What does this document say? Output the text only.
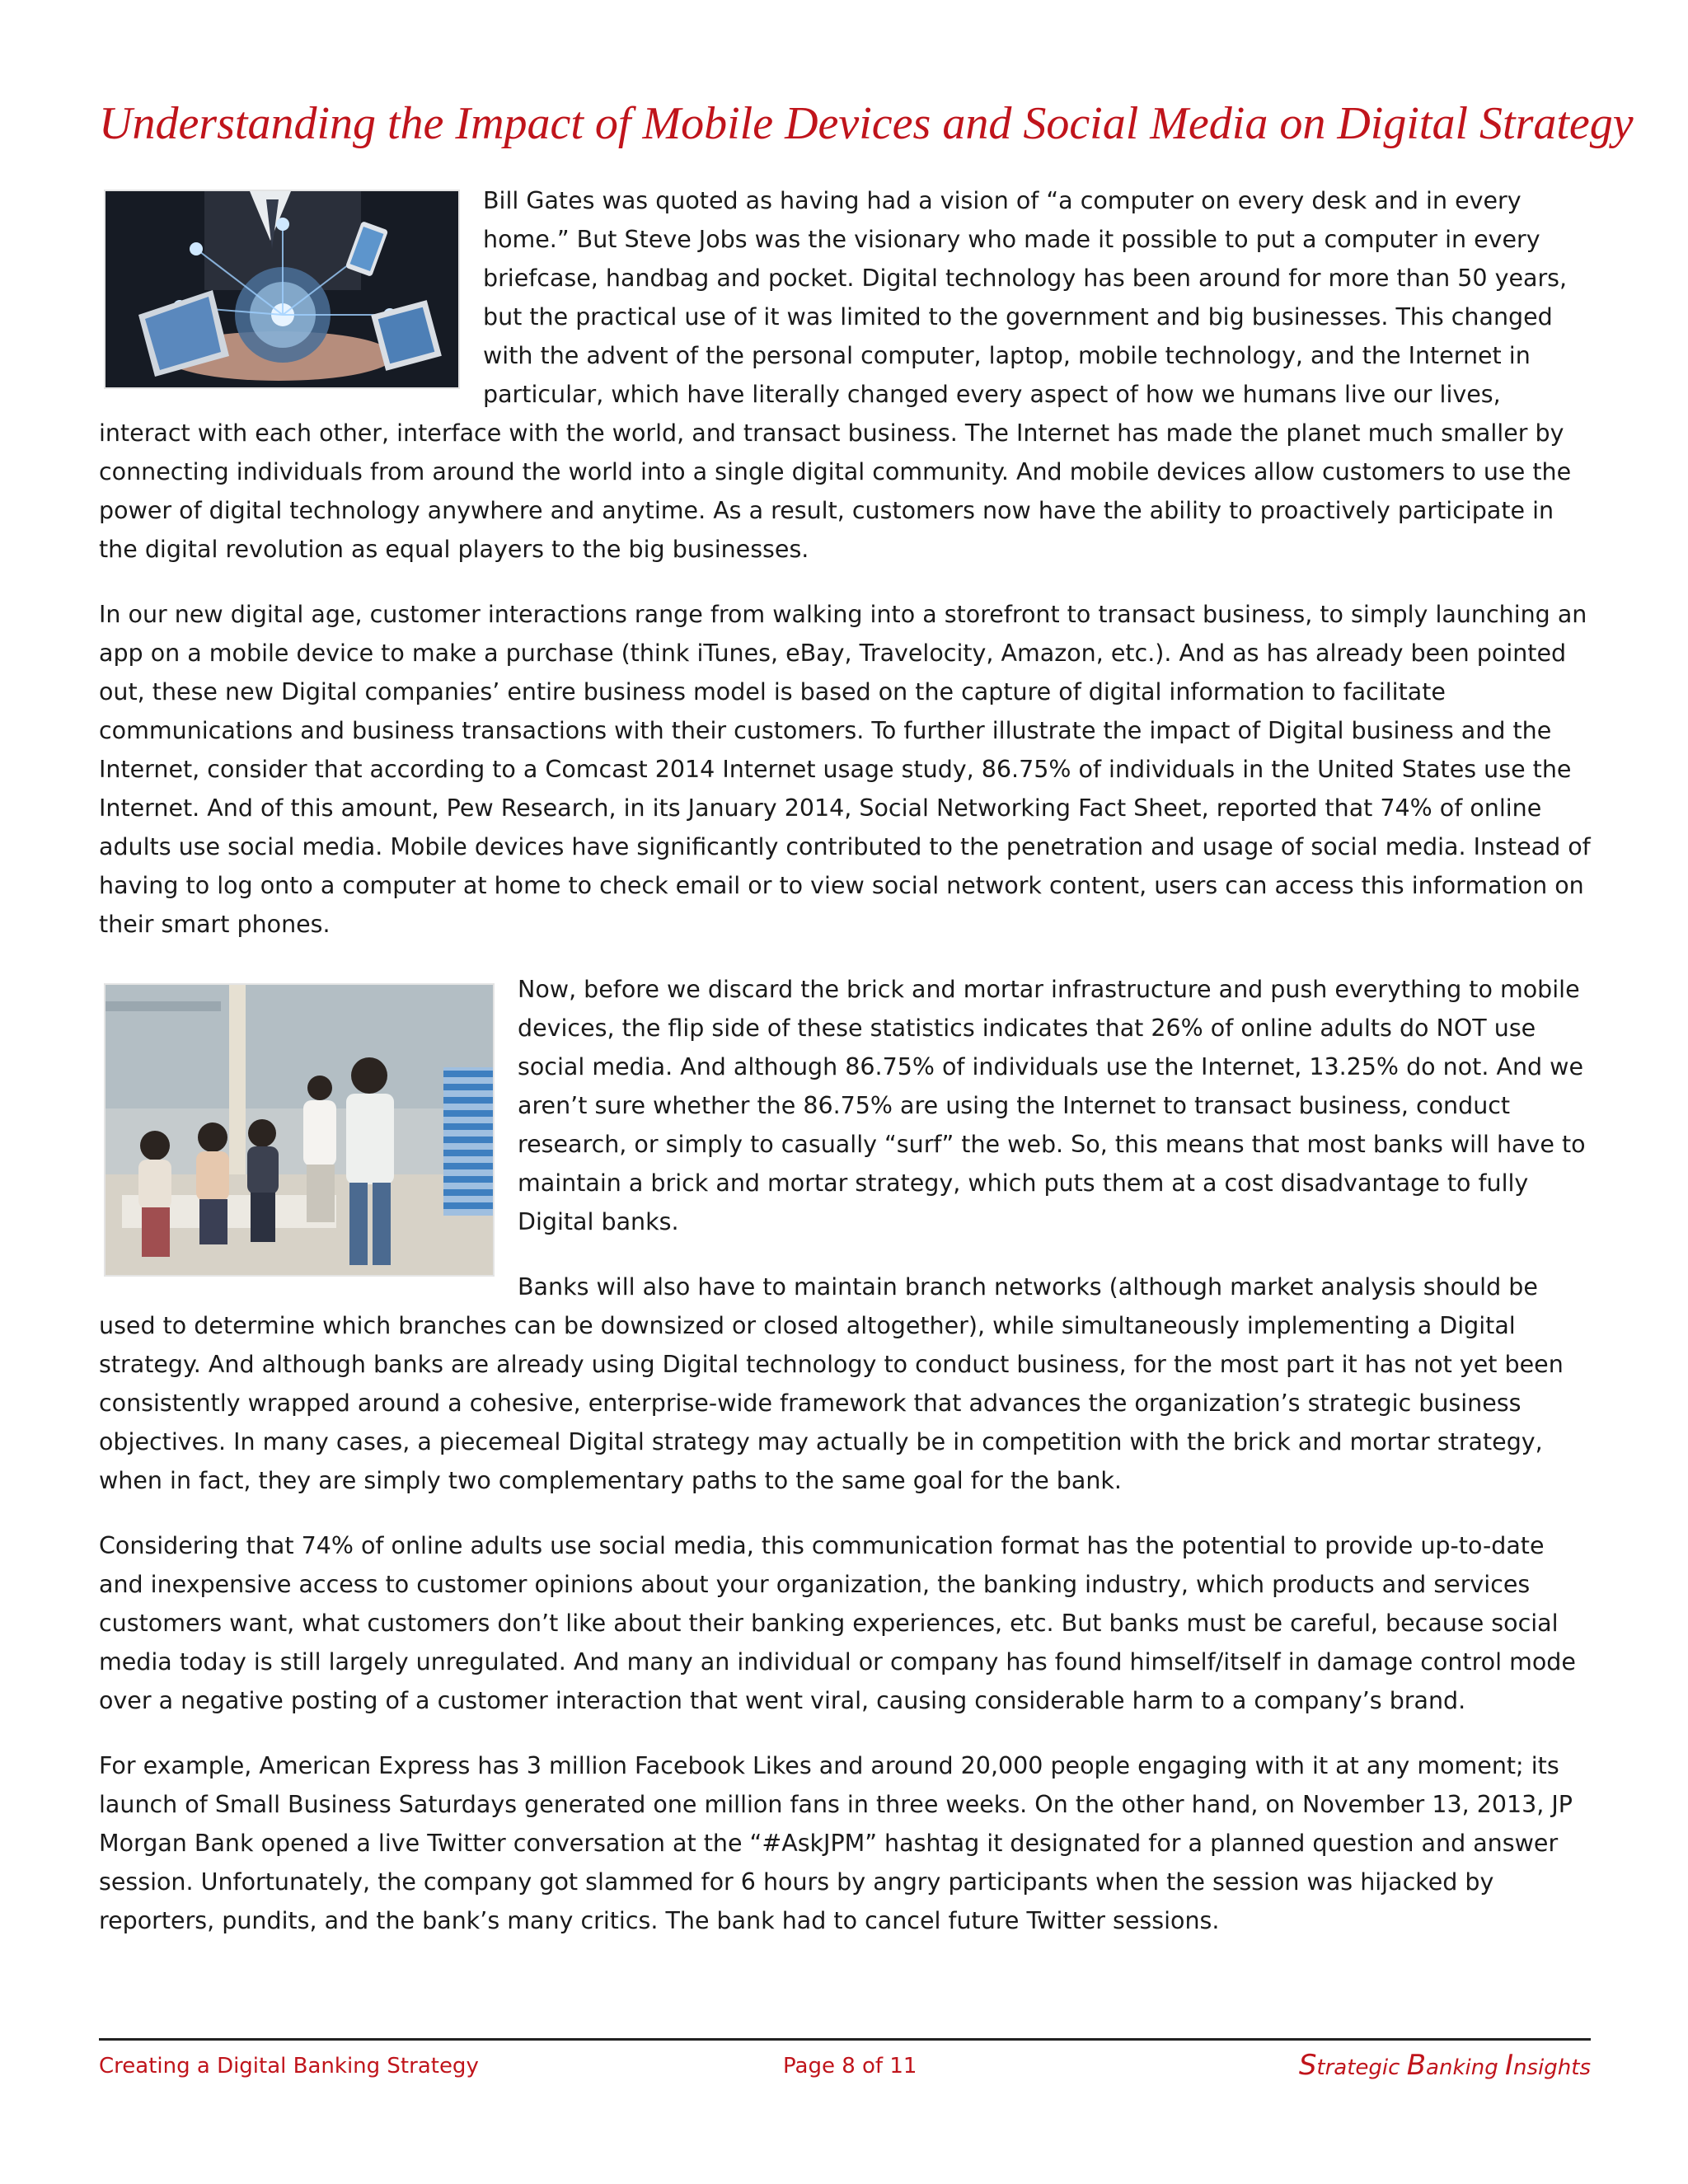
Understanding the Impact of Mobile Devices and Social Media on Digital Strategy

Bill Gates was quoted as having had a vision of “a computer on every desk and in every home.” But Steve Jobs was the visionary who made it possible to put a computer in every briefcase, handbag and pocket. Digital technology has been around for more than 50 years, but the practical use of it was limited to the government and big businesses. This changed with the advent of the personal computer, laptop, mobile technology, and the Internet in particular, which have literally changed every aspect of how we humans live our lives, interact with each other, interface with the world, and transact business. The Internet has made the planet much smaller by connecting individuals from around the world into a single digital community. And mobile devices allow customers to use the power of digital technology anywhere and anytime. As a result, customers now have the ability to proactively participate in the digital revolution as equal players to the big businesses.

In our new digital age, customer interactions range from walking into a storefront to transact business, to simply launching an app on a mobile device to make a purchase (think iTunes, eBay, Travelocity, Amazon, etc.). And as has already been pointed out, these new Digital companies’ entire business model is based on the capture of digital information to facilitate communications and business transactions with their customers. To further illustrate the impact of Digital business and the Internet, consider that according to a Comcast 2014 Internet usage study, 86.75% of individuals in the United States use the Internet. And of this amount, Pew Research, in its January 2014, Social Networking Fact Sheet, reported that 74% of online adults use social media. Mobile devices have significantly contributed to the penetration and usage of social media. Instead of having to log onto a computer at home to check email or to view social network content, users can access this information on their smart phones.

Now, before we discard the brick and mortar infrastructure and push everything to mobile devices, the flip side of these statistics indicates that 26% of online adults do NOT use social media. And although 86.75% of individuals use the Internet, 13.25% do not. And we aren’t sure whether the 86.75% are using the Internet to transact business, conduct research, or simply to casually “surf” the web. So, this means that most banks will have to maintain a brick and mortar strategy, which puts them at a cost disadvantage to fully Digital banks.

Banks will also have to maintain branch networks (although market analysis should be used to determine which branches can be downsized or closed altogether), while simultaneously implementing a Digital strategy. And although banks are already using Digital technology to conduct business, for the most part it has not yet been consistently wrapped around a cohesive, enterprise-wide framework that advances the organization’s strategic business objectives. In many cases, a piecemeal Digital strategy may actually be in competition with the brick and mortar strategy, when in fact, they are simply two complementary paths to the same goal for the bank.

Considering that 74% of online adults use social media, this communication format has the potential to provide up-to-date and inexpensive access to customer opinions about your organization, the banking industry, which products and services customers want, what customers don’t like about their banking experiences, etc. But banks must be careful, because social media today is still largely unregulated. And many an individual or company has found himself/itself in damage control mode over a negative posting of a customer interaction that went viral, causing considerable harm to a company’s brand.

For example, American Express has 3 million Facebook Likes and around 20,000 people engaging with it at any moment; its launch of Small Business Saturdays generated one million fans in three weeks. On the other hand, on November 13, 2013, JP Morgan Bank opened a live Twitter conversation at the “#AskJPM” hashtag it designated for a planned question and answer session. Unfortunately, the company got slammed for 6 hours by angry participants when the session was hijacked by reporters, pundits, and the bank’s many critics. The bank had to cancel future Twitter sessions.

Creating a Digital Banking Strategy	Page 8 of 11	Strategic Banking Insights
